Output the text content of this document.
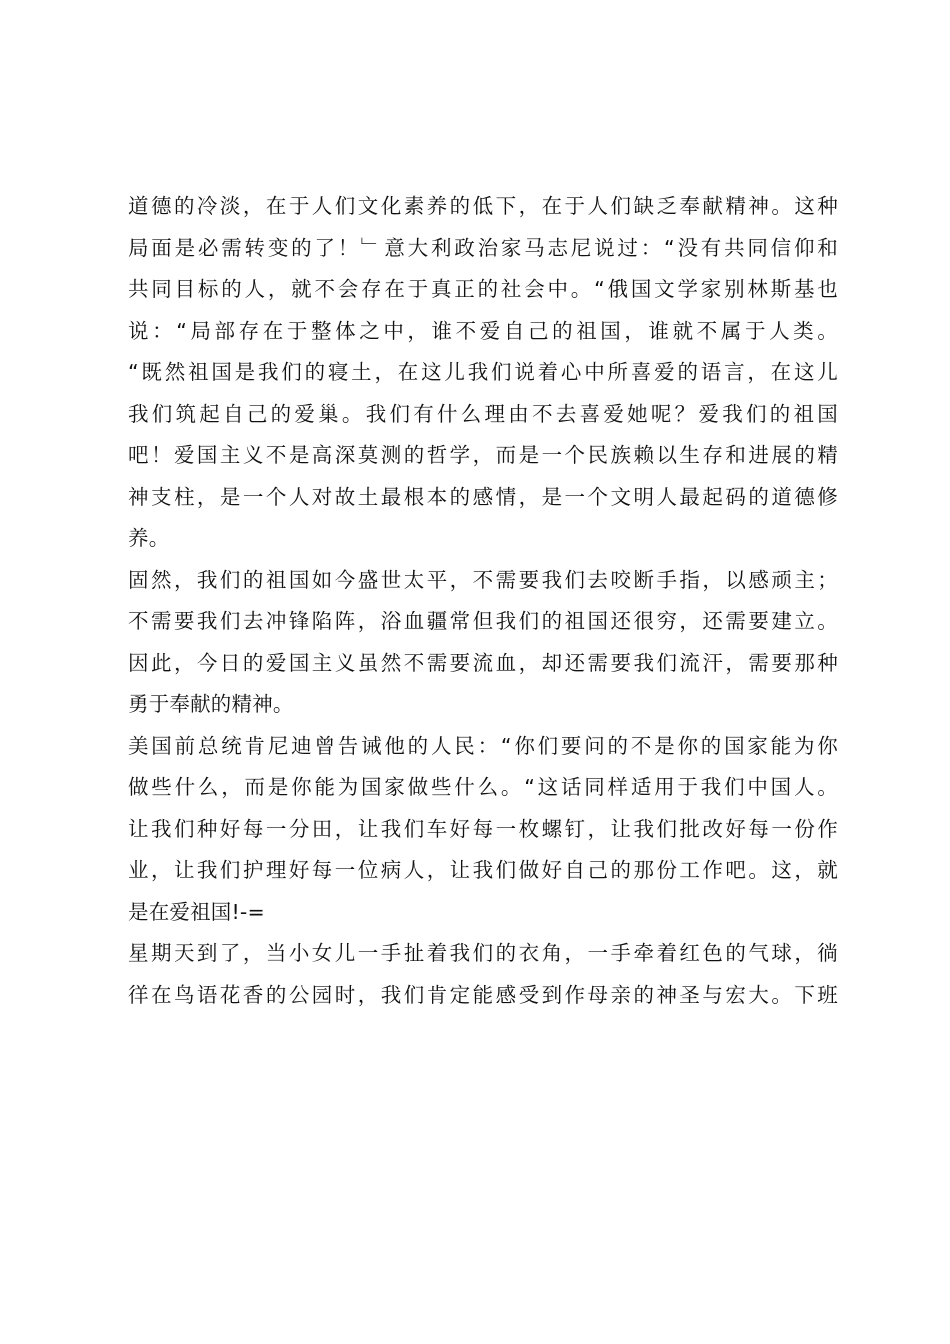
道德的冷淡，在于人们文化素养的低下，在于人们缺乏奉献精神。这种
局面是必需转变的了！﹂意大利政治家马志尼说过：“没有共同信仰和
共同目标的人，就不会存在于真正的社会中。“俄国文学家别林斯基也
说：“局部存在于整体之中，谁不爱自己的祖国，谁就不属于人类。
“既然祖国是我们的寝土，在这儿我们说着心中所喜爱的语言，在这儿
我们筑起自己的爱巢。我们有什么理由不去喜爱她呢？爱我们的祖国
吧！爱国主义不是高深莫测的哲学，而是一个民族赖以生存和进展的精
神支柱，是一个人对故土最根本的感情，是一个文明人最起码的道德修
养。
固然，我们的祖国如今盛世太平，不需要我们去咬断手指，以感顽主；
不需要我们去冲锋陷阵，浴血疆常但我们的祖国还很穷，还需要建立。
因此，今日的爱国主义虽然不需要流血，却还需要我们流汗，需要那种
勇于奉献的精神。
美国前总统肯尼迪曾告诫他的人民：“你们要问的不是你的国家能为你
做些什么，而是你能为国家做些什么。“这话同样适用于我们中国人。
让我们种好每一分田，让我们车好每一枚螺钉，让我们批改好每一份作
业，让我们护理好每一位病人，让我们做好自己的那份工作吧。这，就
是在爱祖国!-=
星期天到了，当小女儿一手扯着我们的衣角，一手牵着红色的气球，徜
徉在鸟语花香的公园时，我们肯定能感受到作母亲的神圣与宏大。下班
